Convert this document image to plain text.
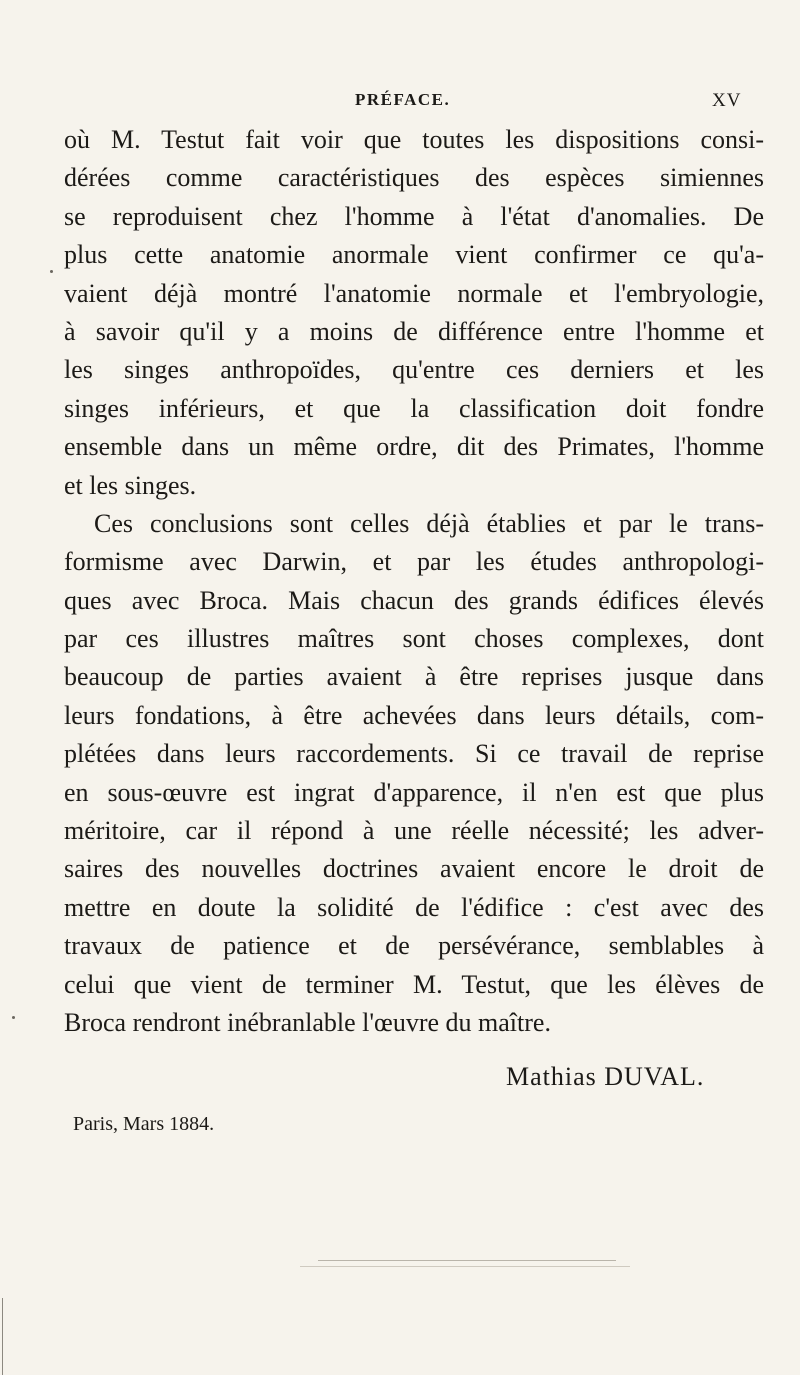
PRÉFACE.	XV
où M. Testut fait voir que toutes les dispositions consi-
dérées comme caractéristiques des espèces simiennes
se reproduisent chez l'homme à l'état d'anomalies. De
plus cette anatomie anormale vient confirmer ce qu'a-
vaient déjà montré l'anatomie normale et l'embryologie,
à savoir qu'il y a moins de différence entre l'homme et
les singes anthropoïdes, qu'entre ces derniers et les
singes inférieurs, et que la classification doit fondre
ensemble dans un même ordre, dit des Primates, l'homme
et les singes.
Ces conclusions sont celles déjà établies et par le trans-
formisme avec Darwin, et par les études anthropologi-
ques avec Broca. Mais chacun des grands édifices élevés
par ces illustres maîtres sont choses complexes, dont
beaucoup de parties avaient à être reprises jusque dans
leurs fondations, à être achevées dans leurs détails, com-
plétées dans leurs raccordements. Si ce travail de reprise
en sous-œuvre est ingrat d'apparence, il n'en est que plus
méritoire, car il répond à une réelle nécessité; les adver-
saires des nouvelles doctrines avaient encore le droit de
mettre en doute la solidité de l'édifice : c'est avec des
travaux de patience et de persévérance, semblables à
celui que vient de terminer M. Testut, que les élèves de
Broca rendront inébranlable l'œuvre du maître.
Mathias DUVAL.
Paris, Mars 1884.
